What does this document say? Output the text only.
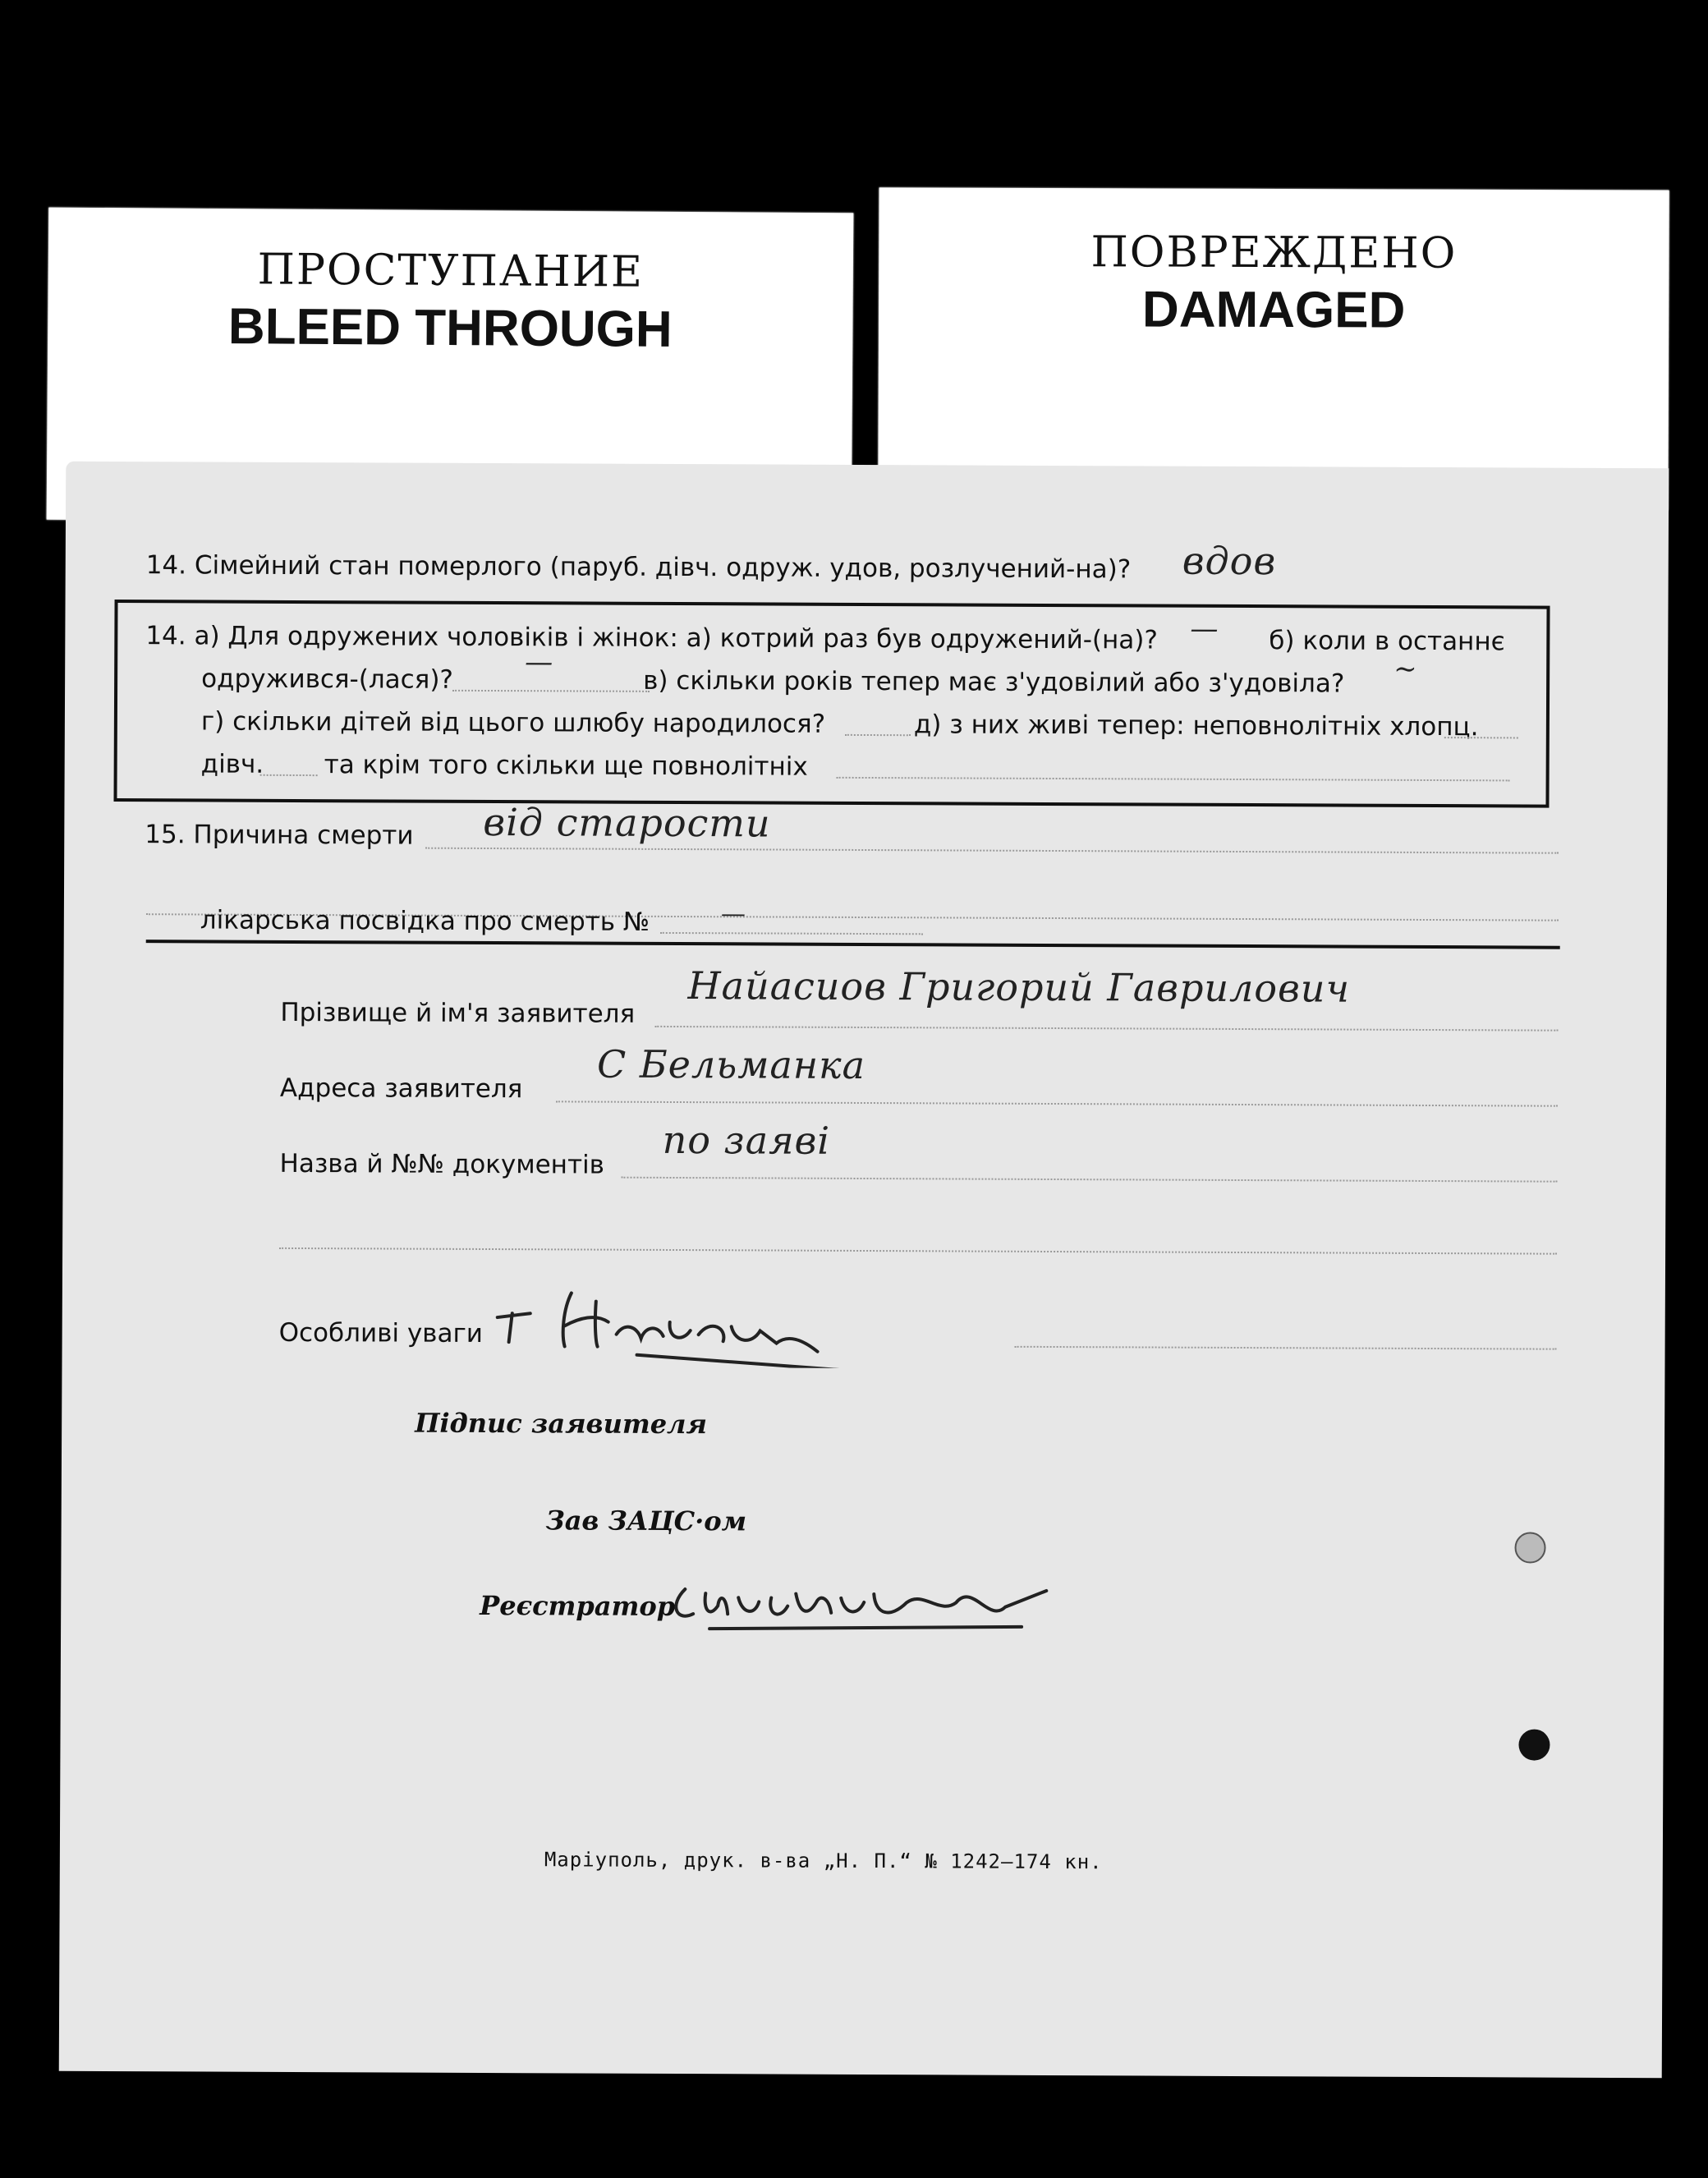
ПРОСТУПАНИЕ
BLEED THROUGH
ПОВРЕЖДЕНО
DAMAGED
14. Сімейний стан померлого (паруб. дівч. одруж. удов, розлучений-на)? вдов
14. а) Для одружених чоловіків і жінок: а) котрий раз був одружений-(на)? — б) коли в останнє
одружився-(лася)?
—
в) скільки років тепер має з'удовілий або з'удовіла? ~
г) скільки дітей від цього шлюбу народилося?	д) з них живі тепер: неповнолітніх хлопц.
дівч. та крім того скільки ще повнолітніх
15. Причина смерти від старости
лікарська посвідка про смерть №	—
Прізвище й ім'я заявителя
Найасиов Григорий Гаврилович
Адреса заявителя
С Бельманка
Назва й №№ документів
по заяві
Особливі уваги
Підпис заявителя
Зав ЗАЦС·ом
Реєстратор
Маріуполь, друк. в-ва „Н. П.“ № 1242—174 кн.
